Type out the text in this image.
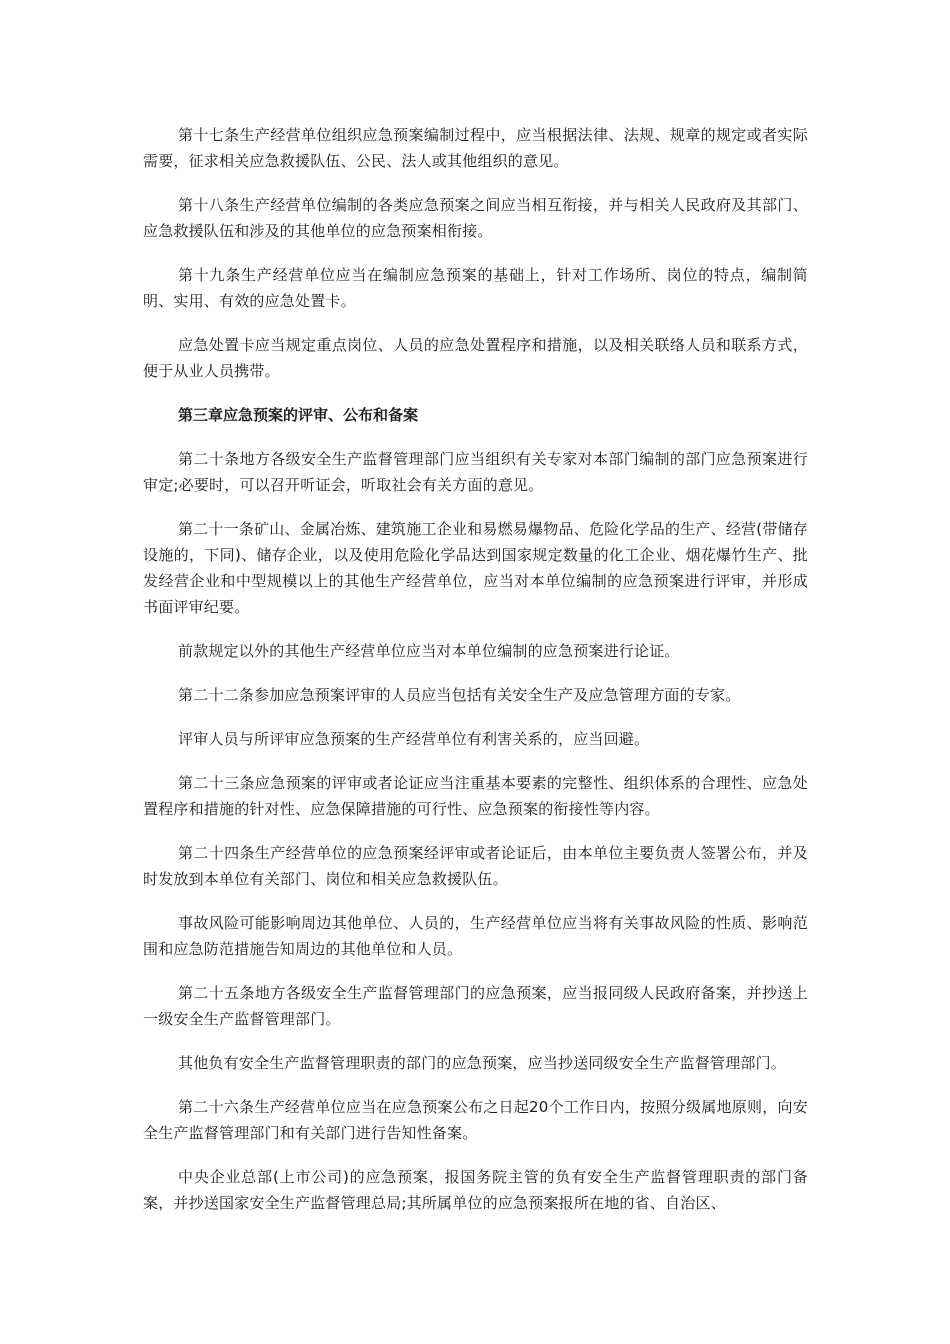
第十七条生产经营单位组织应急预案编制过程中，应当根据法律、法规、规章的规定或者实际需要，征求相关应急救援队伍、公民、法人或其他组织的意见。

第十八条生产经营单位编制的各类应急预案之间应当相互衔接，并与相关人民政府及其部门、应急救援队伍和涉及的其他单位的应急预案相衔接。

第十九条生产经营单位应当在编制应急预案的基础上，针对工作场所、岗位的特点，编制简明、实用、有效的应急处置卡。

应急处置卡应当规定重点岗位、人员的应急处置程序和措施，以及相关联络人员和联系方式，便于从业人员携带。

第三章应急预案的评审、公布和备案

第二十条地方各级安全生产监督管理部门应当组织有关专家对本部门编制的部门应急预案进行审定;必要时，可以召开听证会，听取社会有关方面的意见。

第二十一条矿山、金属冶炼、建筑施工企业和易燃易爆物品、危险化学品的生产、经营(带储存设施的，下同)、储存企业，以及使用危险化学品达到国家规定数量的化工企业、烟花爆竹生产、批发经营企业和中型规模以上的其他生产经营单位，应当对本单位编制的应急预案进行评审，并形成书面评审纪要。

前款规定以外的其他生产经营单位应当对本单位编制的应急预案进行论证。

第二十二条参加应急预案评审的人员应当包括有关安全生产及应急管理方面的专家。

评审人员与所评审应急预案的生产经营单位有利害关系的，应当回避。

第二十三条应急预案的评审或者论证应当注重基本要素的完整性、组织体系的合理性、应急处置程序和措施的针对性、应急保障措施的可行性、应急预案的衔接性等内容。

第二十四条生产经营单位的应急预案经评审或者论证后，由本单位主要负责人签署公布，并及时发放到本单位有关部门、岗位和相关应急救援队伍。

事故风险可能影响周边其他单位、人员的，生产经营单位应当将有关事故风险的性质、影响范围和应急防范措施告知周边的其他单位和人员。

第二十五条地方各级安全生产监督管理部门的应急预案，应当报同级人民政府备案，并抄送上一级安全生产监督管理部门。

其他负有安全生产监督管理职责的部门的应急预案，应当抄送同级安全生产监督管理部门。

第二十六条生产经营单位应当在应急预案公布之日起20个工作日内，按照分级属地原则，向安全生产监督管理部门和有关部门进行告知性备案。

中央企业总部(上市公司)的应急预案，报国务院主管的负有安全生产监督管理职责的部门备案，并抄送国家安全生产监督管理总局;其所属单位的应急预案报所在地的省、自治区、
